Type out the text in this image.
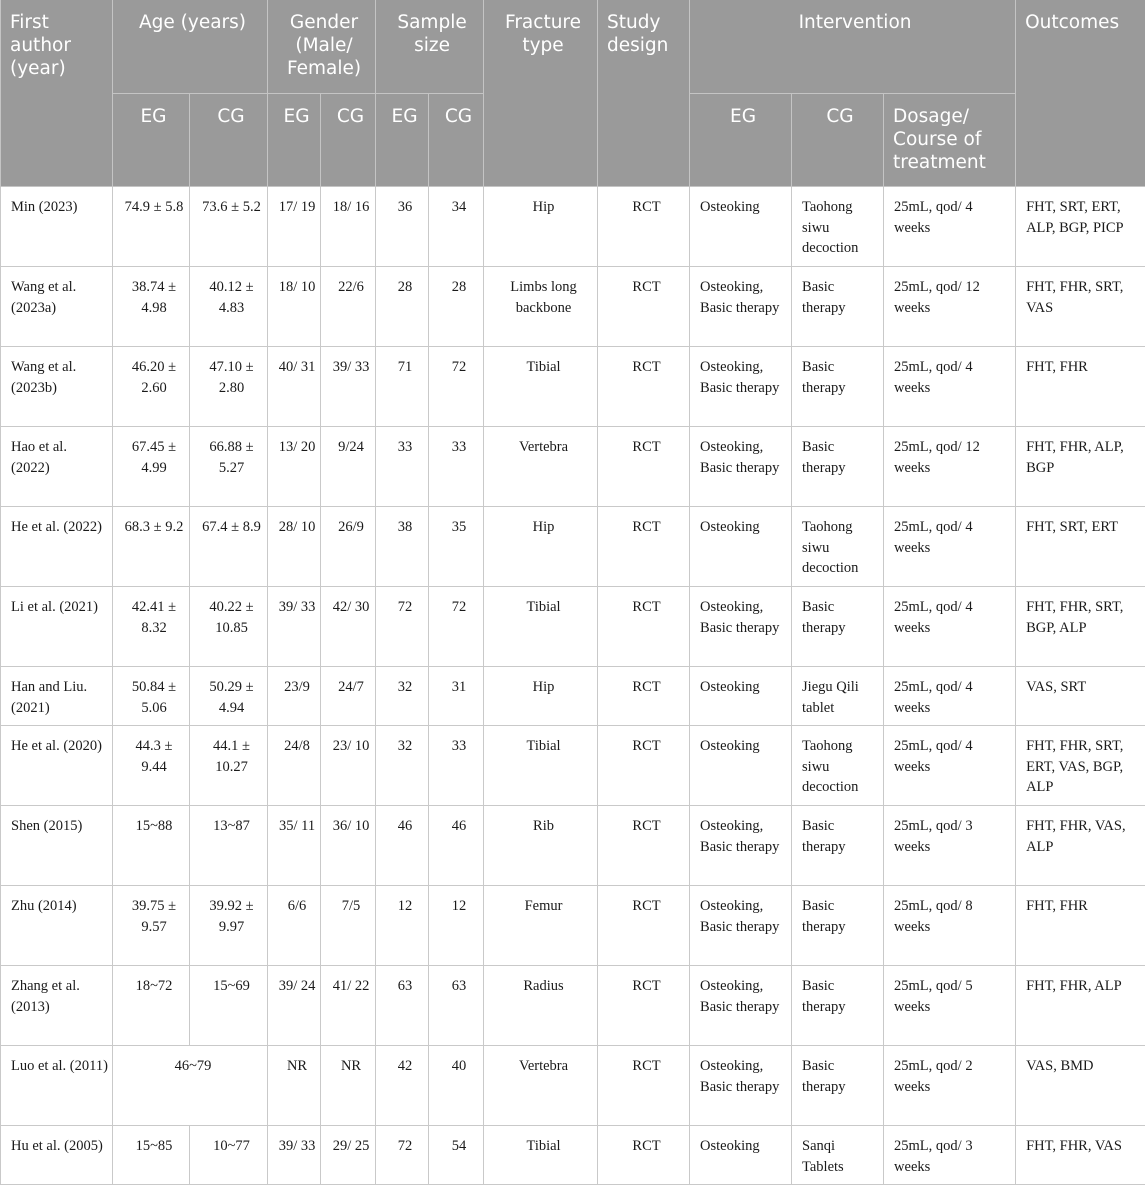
First author (year)	Age (years)		Gender (Male/ Female)		Sample size		Fracture type	Study design	Intervention			Outcomes
	EG	CG	EG	CG	EG	CG			EG	CG	Dosage/ Course of treatment	
Min (2023)	74.9 ± 5.8	73.6 ± 5.2	17/ 19	18/ 16	36	34	Hip	RCT	Osteoking	Taohong siwu decoction	25mL, qod/ 4 weeks	FHT, SRT, ERT, ALP, BGP, PICP
Wang et al. (2023a)	38.74 ± 4.98	40.12 ± 4.83	18/ 10	22/6	28	28	Limbs long backbone	RCT	Osteoking, Basic therapy	Basic therapy	25mL, qod/ 12 weeks	FHT, FHR, SRT, VAS
Wang et al. (2023b)	46.20 ± 2.60	47.10 ± 2.80	40/ 31	39/ 33	71	72	Tibial	RCT	Osteoking, Basic therapy	Basic therapy	25mL, qod/ 4 weeks	FHT, FHR
Hao et al. (2022)	67.45 ± 4.99	66.88 ± 5.27	13/ 20	9/24	33	33	Vertebra	RCT	Osteoking, Basic therapy	Basic therapy	25mL, qod/ 12 weeks	FHT, FHR, ALP, BGP
He et al. (2022)	68.3 ± 9.2	67.4 ± 8.9	28/ 10	26/9	38	35	Hip	RCT	Osteoking	Taohong siwu decoction	25mL, qod/ 4 weeks	FHT, SRT, ERT
Li et al. (2021)	42.41 ± 8.32	40.22 ± 10.85	39/ 33	42/ 30	72	72	Tibial	RCT	Osteoking, Basic therapy	Basic therapy	25mL, qod/ 4 weeks	FHT, FHR, SRT, BGP, ALP
Han and Liu. (2021)	50.84 ± 5.06	50.29 ± 4.94	23/9	24/7	32	31	Hip	RCT	Osteoking	Jiegu Qili tablet	25mL, qod/ 4 weeks	VAS, SRT
He et al. (2020)	44.3 ± 9.44	44.1 ± 10.27	24/8	23/ 10	32	33	Tibial	RCT	Osteoking	Taohong siwu decoction	25mL, qod/ 4 weeks	FHT, FHR, SRT, ERT, VAS, BGP, ALP
Shen (2015)	15~88	13~87	35/ 11	36/ 10	46	46	Rib	RCT	Osteoking, Basic therapy	Basic therapy	25mL, qod/ 3 weeks	FHT, FHR, VAS, ALP
Zhu (2014)	39.75 ± 9.57	39.92 ± 9.97	6/6	7/5	12	12	Femur	RCT	Osteoking, Basic therapy	Basic therapy	25mL, qod/ 8 weeks	FHT, FHR
Zhang et al. (2013)	18~72	15~69	39/ 24	41/ 22	63	63	Radius	RCT	Osteoking, Basic therapy	Basic therapy	25mL, qod/ 5 weeks	FHT, FHR, ALP
Luo et al. (2011)	46~79		NR	NR	42	40	Vertebra	RCT	Osteoking, Basic therapy	Basic therapy	25mL, qod/ 2 weeks	VAS, BMD
Hu et al. (2005)	15~85	10~77	39/ 33	29/ 25	72	54	Tibial	RCT	Osteoking	Sanqi Tablets	25mL, qod/ 3 weeks	FHT, FHR, VAS
